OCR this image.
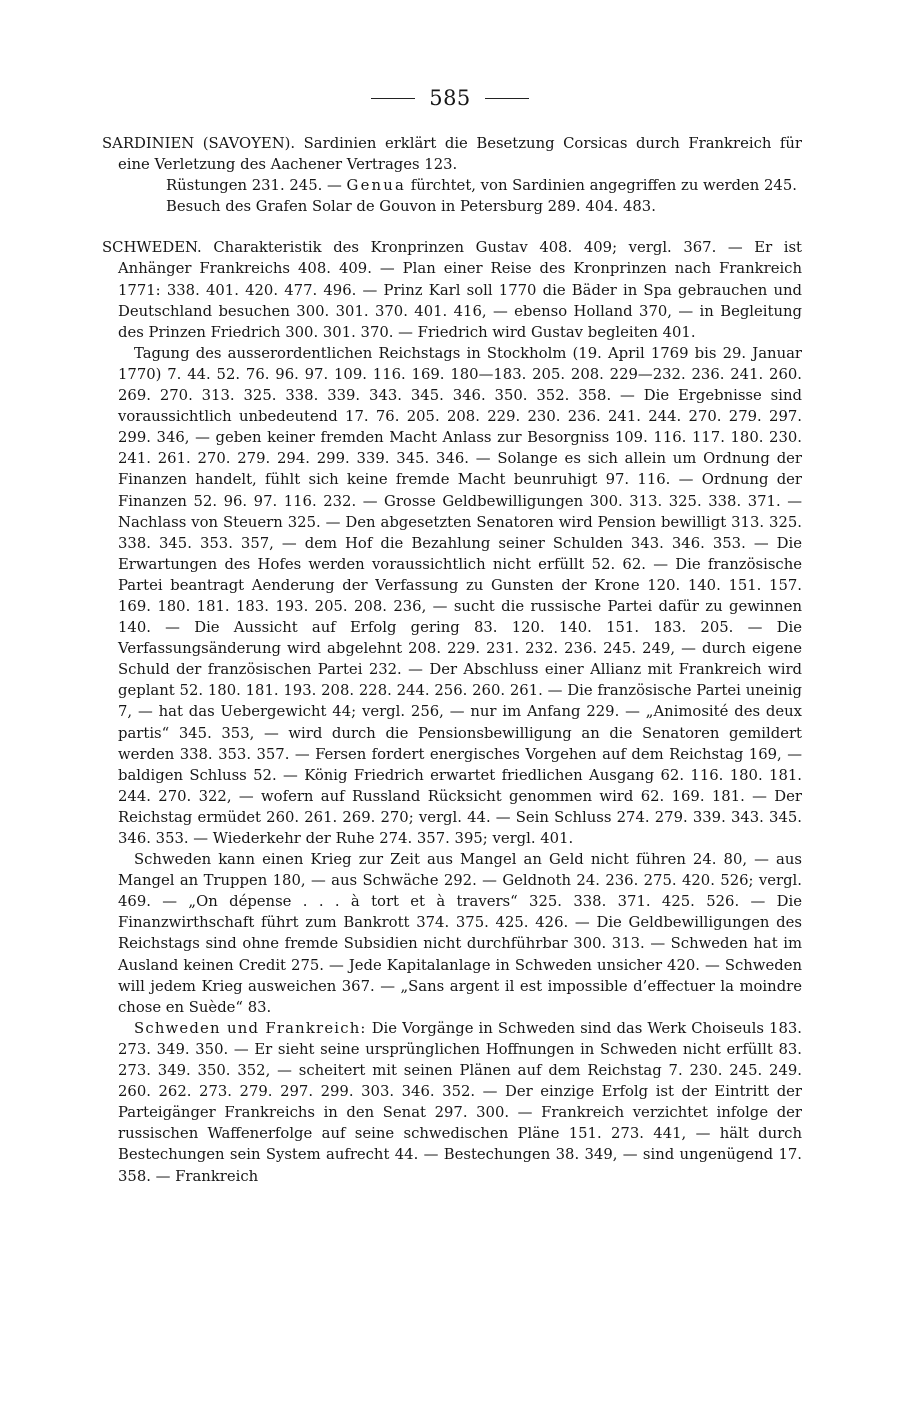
585

SARDINIEN (SAVOYEN). Sardinien erklärt die Besetzung Corsicas durch Frankreich für eine Verletzung des Aachener Vertrages 123.

Rüstungen 231. 245. — Genua fürchtet, von Sardinien angegriffen zu werden 245.

Besuch des Grafen Solar de Gouvon in Petersburg 289. 404. 483.

SCHWEDEN. Charakteristik des Kronprinzen Gustav 408. 409; vergl. 367. — Er ist Anhänger Frankreichs 408. 409. — Plan einer Reise des Kronprinzen nach Frankreich 1771: 338. 401. 420. 477. 496. — Prinz Karl soll 1770 die Bäder in Spa gebrauchen und Deutschland besuchen 300. 301. 370. 401. 416, — ebenso Holland 370, — in Begleitung des Prinzen Friedrich 300. 301. 370. — Friedrich wird Gustav begleiten 401.

Tagung des ausserordentlichen Reichstags in Stockholm (19. April 1769 bis 29. Januar 1770) 7. 44. 52. 76. 96. 97. 109. 116. 169. 180—183. 205. 208. 229—232. 236. 241. 260. 269. 270. 313. 325. 338. 339. 343. 345. 346. 350. 352. 358. — Die Ergebnisse sind voraussichtlich unbedeutend 17. 76. 205. 208. 229. 230. 236. 241. 244. 270. 279. 297. 299. 346, — geben keiner fremden Macht Anlass zur Besorgniss 109. 116. 117. 180. 230. 241. 261. 270. 279. 294. 299. 339. 345. 346. — Solange es sich allein um Ordnung der Finanzen handelt, fühlt sich keine fremde Macht beunruhigt 97. 116. — Ordnung der Finanzen 52. 96. 97. 116. 232. — Grosse Geldbewilligungen 300. 313. 325. 338. 371. — Nachlass von Steuern 325. — Den abgesetzten Senatoren wird Pension bewilligt 313. 325. 338. 345. 353. 357, — dem Hof die Bezahlung seiner Schulden 343. 346. 353. — Die Erwartungen des Hofes werden voraussichtlich nicht erfüllt 52. 62. — Die französische Partei beantragt Aenderung der Verfassung zu Gunsten der Krone 120. 140. 151. 157. 169. 180. 181. 183. 193. 205. 208. 236, — sucht die russische Partei dafür zu gewinnen 140. — Die Aussicht auf Erfolg gering 83. 120. 140. 151. 183. 205. — Die Verfassungsänderung wird abgelehnt 208. 229. 231. 232. 236. 245. 249, — durch eigene Schuld der französischen Partei 232. — Der Abschluss einer Allianz mit Frankreich wird geplant 52. 180. 181. 193. 208. 228. 244. 256. 260. 261. — Die französische Partei uneinig 7, — hat das Uebergewicht 44; vergl. 256, — nur im Anfang 229. — „Animosité des deux partis“ 345. 353, — wird durch die Pensionsbewilligung an die Senatoren gemildert werden 338. 353. 357. — Fersen fordert energisches Vorgehen auf dem Reichstag 169, — baldigen Schluss 52. — König Friedrich erwartet friedlichen Ausgang 62. 116. 180. 181. 244. 270. 322, — wofern auf Russland Rücksicht genommen wird 62. 169. 181. — Der Reichstag ermüdet 260. 261. 269. 270; vergl. 44. — Sein Schluss 274. 279. 339. 343. 345. 346. 353. — Wiederkehr der Ruhe 274. 357. 395; vergl. 401.

Schweden kann einen Krieg zur Zeit aus Mangel an Geld nicht führen 24. 80, — aus Mangel an Truppen 180, — aus Schwäche 292. — Geldnoth 24. 236. 275. 420. 526; vergl. 469. — „On dépense . . . à tort et à travers“ 325. 338. 371. 425. 526. — Die Finanzwirthschaft führt zum Bankrott 374. 375. 425. 426. — Die Geldbewilligungen des Reichstags sind ohne fremde Subsidien nicht durchführbar 300. 313. — Schweden hat im Ausland keinen Credit 275. — Jede Kapitalanlage in Schweden unsicher 420. — Schweden will jedem Krieg ausweichen 367. — „Sans argent il est impossible d’effectuer la moindre chose en Suède“ 83.

Schweden und Frankreich: Die Vorgänge in Schweden sind das Werk Choiseuls 183. 273. 349. 350. — Er sieht seine ursprünglichen Hoffnungen in Schweden nicht erfüllt 83. 273. 349. 350. 352, — scheitert mit seinen Plänen auf dem Reichstag 7. 230. 245. 249. 260. 262. 273. 279. 297. 299. 303. 346. 352. — Der einzige Erfolg ist der Eintritt der Parteigänger Frankreichs in den Senat 297. 300. — Frankreich verzichtet infolge der russischen Waffenerfolge auf seine schwedischen Pläne 151. 273. 441, — hält durch Bestechungen sein System aufrecht 44. — Bestechungen 38. 349, — sind ungenügend 17. 358. — Frankreich
